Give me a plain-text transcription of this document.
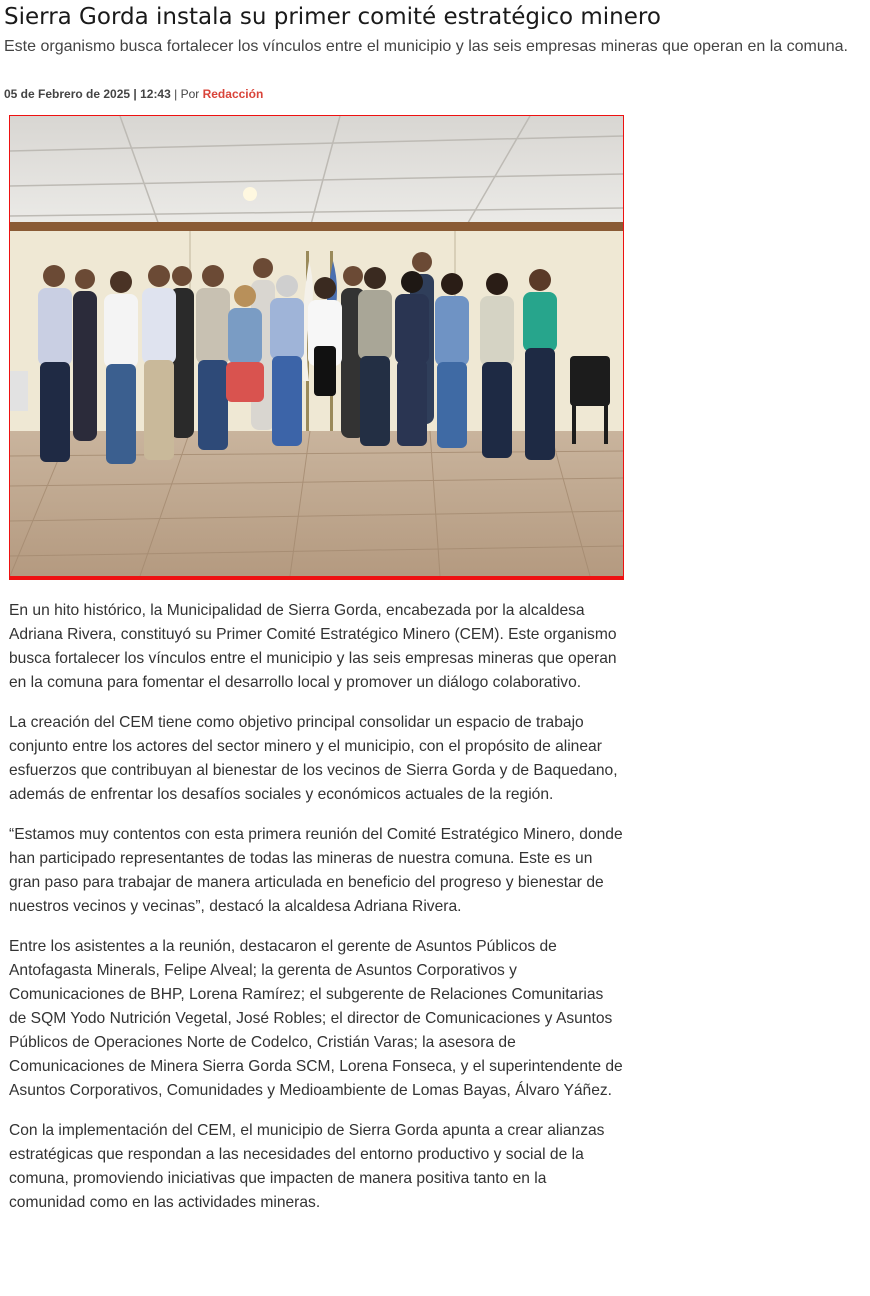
Sierra Gorda instala su primer comité estratégico minero

Este organismo busca fortalecer los vínculos entre el municipio y las seis empresas mineras que operan en la comuna.

05 de Febrero de 2025 | 12:43 | Por Redacción

En un hito histórico, la Municipalidad de Sierra Gorda, encabezada por la alcaldesa Adriana Rivera, constituyó su Primer Comité Estratégico Minero (CEM). Este organismo busca fortalecer los vínculos entre el municipio y las seis empresas mineras que operan en la comuna para fomentar el desarrollo local y promover un diálogo colaborativo.

La creación del CEM tiene como objetivo principal consolidar un espacio de trabajo conjunto entre los actores del sector minero y el municipio, con el propósito de alinear esfuerzos que contribuyan al bienestar de los vecinos de Sierra Gorda y de Baquedano, además de enfrentar los desafíos sociales y económicos actuales de la región.

“Estamos muy contentos con esta primera reunión del Comité Estratégico Minero, donde han participado representantes de todas las mineras de nuestra comuna. Este es un gran paso para trabajar de manera articulada en beneficio del progreso y bienestar de nuestros vecinos y vecinas”, destacó la alcaldesa Adriana Rivera.

Entre los asistentes a la reunión, destacaron el gerente de Asuntos Públicos de Antofagasta Minerals, Felipe Alveal; la gerenta de Asuntos Corporativos y Comunicaciones de BHP, Lorena Ramírez; el subgerente de Relaciones Comunitarias de SQM Yodo Nutrición Vegetal, José Robles; el director de Comunicaciones y Asuntos Públicos de Operaciones Norte de Codelco, Cristián Varas; la asesora de Comunicaciones de Minera Sierra Gorda SCM, Lorena Fonseca, y el superintendente de Asuntos Corporativos, Comunidades y Medioambiente de Lomas Bayas, Álvaro Yáñez.

Con la implementación del CEM, el municipio de Sierra Gorda apunta a crear alianzas estratégicas que respondan a las necesidades del entorno productivo y social de la comuna, promoviendo iniciativas que impacten de manera positiva tanto en la comunidad como en las actividades mineras.
